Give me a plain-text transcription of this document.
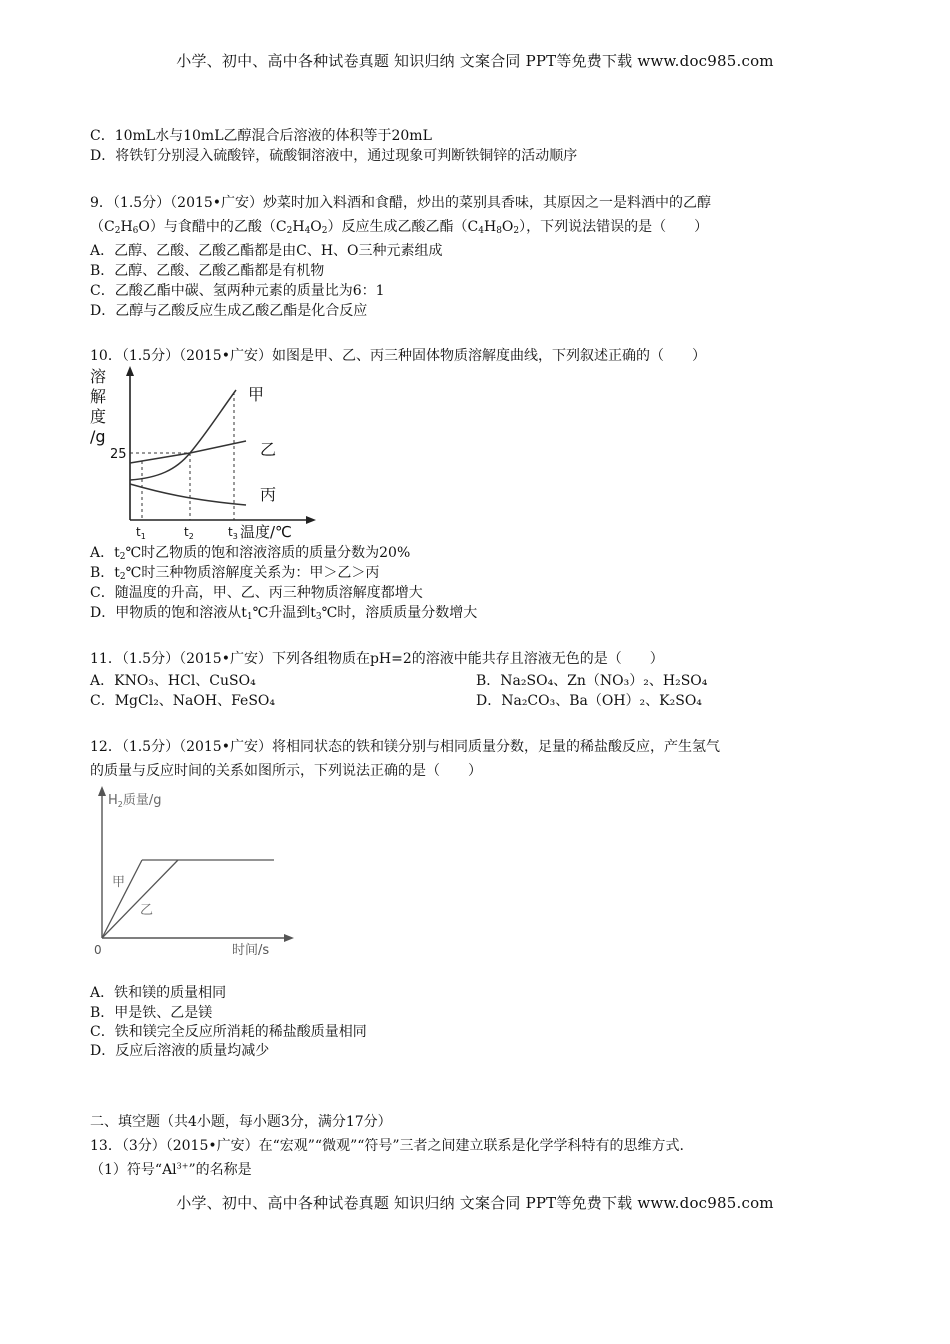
小学、初中、高中各种试卷真题 知识归纳 文案合同 PPT等免费下载 www.doc985.com
C．10mL水与10mL乙醇混合后溶液的体积等于20mL
D．将铁钉分别浸入硫酸锌，硫酸铜溶液中，通过现象可判断铁铜锌的活动顺序
9．（1.5分）（2015•广安）炒菜时加入料酒和食醋，炒出的菜别具香味，其原因之一是料酒中的乙醇
$(C_2H_6O)$与食醋中的乙酸$(C_2H_4O_2)$反应生成乙酸乙酯$(C_4H_8O_2)$，下列说法错误的是（　　）
A．乙醇、乙酸、乙酸乙酯都是由C、H、O三种元素组成
B．乙醇、乙酸、乙酸乙酯都是有机物
C．乙酸乙酯中碳、氢两种元素的质量比为6：1
D．乙醇与乙酸反应生成乙酸乙酯是化合反应
10．（1.5分）（2015•广安）如图是甲、乙、丙三种固体物质溶解度曲线，下列叙述正确的（　　）
溶
解
度
/g
25
甲
乙
丙
$t_1$	$t_2$	$t_3$ 温度/℃
A．$t_2℃$时乙物质的饱和溶液溶质的质量分数为20%
B．$t_2℃$时三种物质溶解度关系为：甲＞乙＞丙
C．随温度的升高，甲、乙、丙三种物质溶解度都增大
D．甲物质的饱和溶液从$t_1℃$升温到$t_3℃$时，溶质质量分数增大
11．（1.5分）（2015•广安）下列各组物质在pH=2的溶液中能共存且溶液无色的是（　　）
A．KNO₃、HCl、CuSO₄	B．Na₂SO₄、Zn（NO₃）₂、H₂SO₄
C．MgCl₂、NaOH、FeSO₄	D．Na₂CO₃、Ba（OH）₂、K₂SO₄
12．（1.5分）（2015•广安）将相同状态的铁和镁分别与相同质量分数，足量的稀盐酸反应，产生氢气
的质量与反应时间的关系如图所示，下列说法正确的是（　　）
$H_2$质量/g
0	时间/s
甲
乙
A．铁和镁的质量相同
B．甲是铁、乙是镁
C．铁和镁完全反应所消耗的稀盐酸质量相同
D．反应后溶液的质量均减少
二、填空题（共4小题，每小题3分，满分17分）
13．（3分）（2015•广安）在“宏观”“微观”“符号”三者之间建立联系是化学学科特有的思维方式.
（1）符号“$Al^{3+}$”的名称是
小学、初中、高中各种试卷真题 知识归纳 文案合同 PPT等免费下载 www.doc985.com
